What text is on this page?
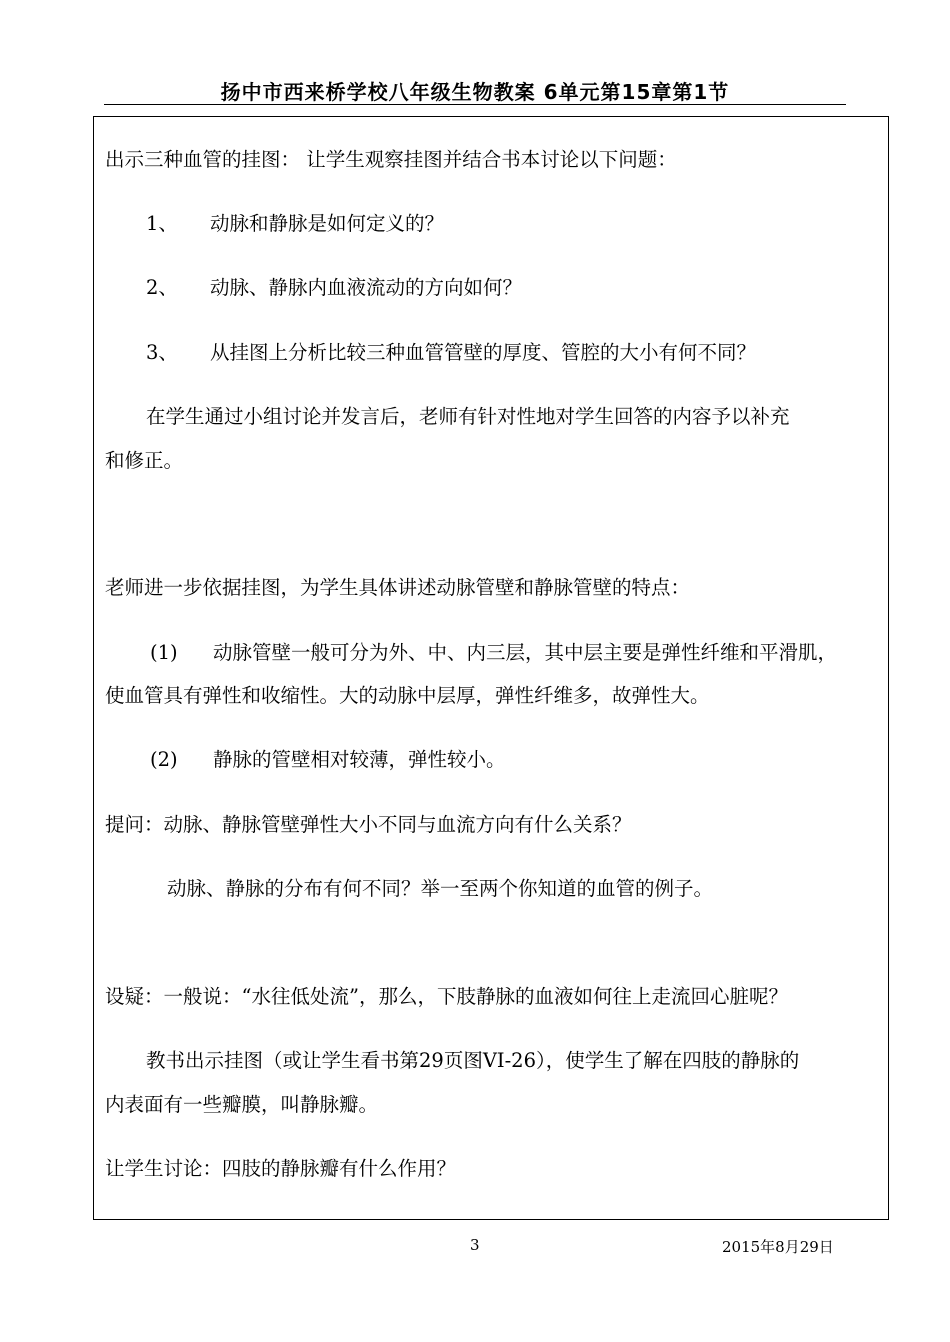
扬中市西来桥学校八年级生物教案 6单元第15章第1节
出示三种血管的挂图： 让学生观察挂图并结合书本讨论以下问题：
1、 动脉和静脉是如何定义的？
2、 动脉、静脉内血液流动的方向如何？
3、 从挂图上分析比较三种血管管壁的厚度、管腔的大小有何不同？
在学生通过小组讨论并发言后，老师有针对性地对学生回答的内容予以补充
和修正。
老师进一步依据挂图，为学生具体讲述动脉管壁和静脉管壁的特点：
(1) 动脉管壁一般可分为外、中、内三层，其中层主要是弹性纤维和平滑肌，
使血管具有弹性和收缩性。大的动脉中层厚，弹性纤维多，故弹性大。
(2) 静脉的管壁相对较薄，弹性较小。
提问：动脉、静脉管壁弹性大小不同与血流方向有什么关系？
动脉、静脉的分布有何不同？举一至两个你知道的血管的例子。
设疑：一般说：“水往低处流”，那么，下肢静脉的血液如何往上走流回心脏呢？
教书出示挂图（或让学生看书第29页图VI-26），使学生了解在四肢的静脉的
内表面有一些瓣膜，叫静脉瓣。
让学生讨论：四肢的静脉瓣有什么作用？
3	2015年8月29日
